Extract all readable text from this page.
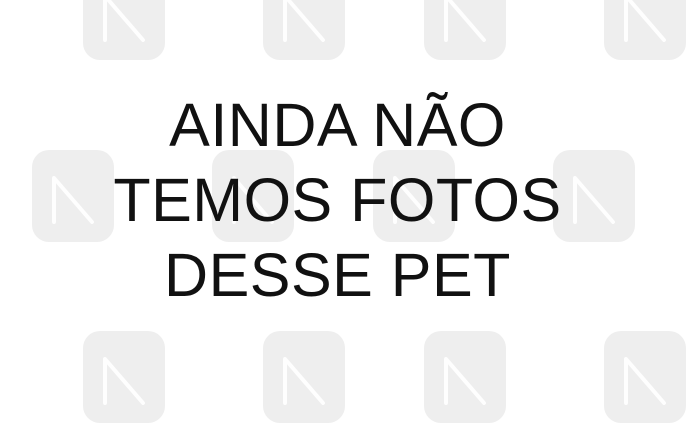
AINDA NÃO
TEMOS FOTOS
DESSE PET
